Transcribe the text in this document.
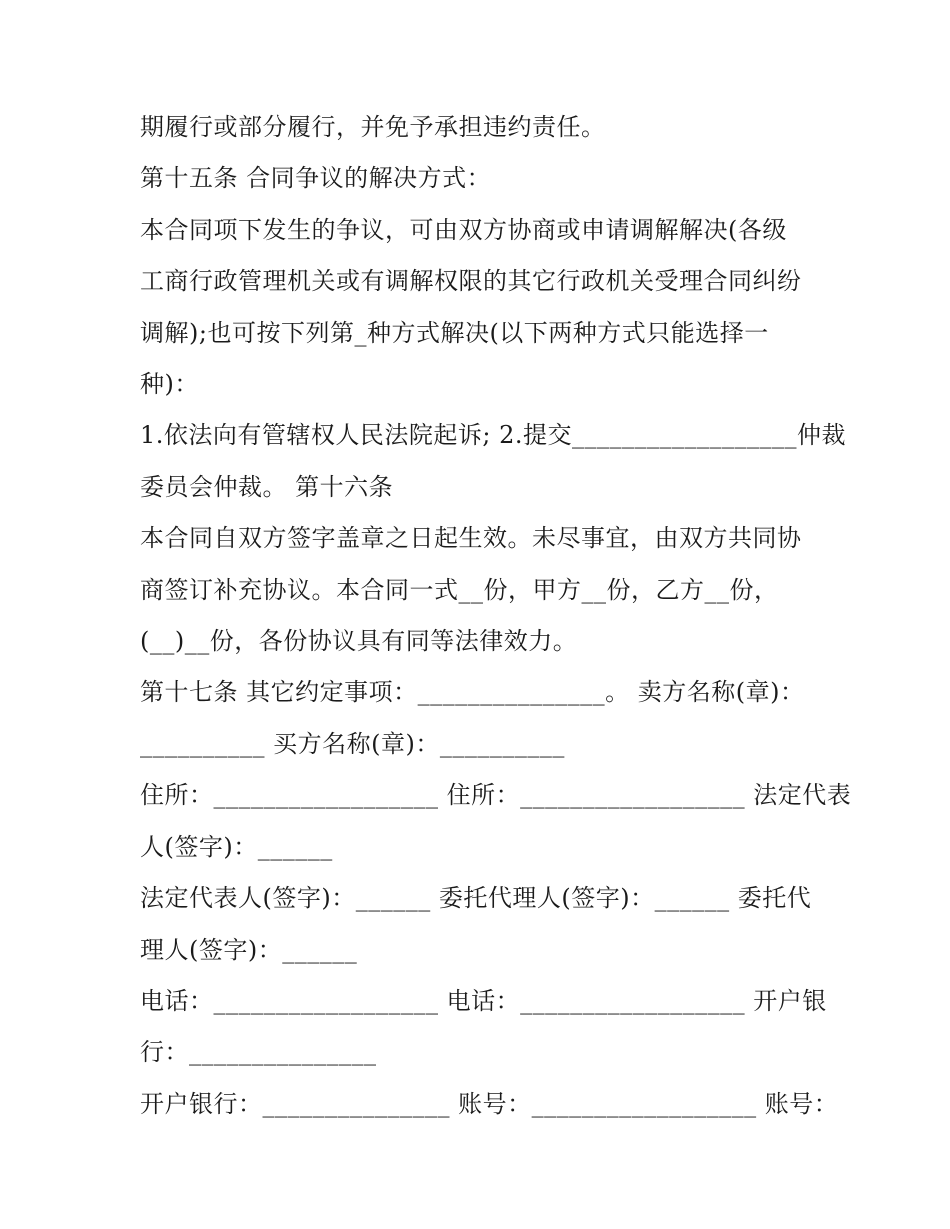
期履行或部分履行，并免予承担违约责任。

第十五条 合同争议的解决方式：

本合同项下发生的争议，可由双方协商或申请调解解决(各级

工商行政管理机关或有调解权限的其它行政机关受理合同纠纷

调解);也可按下列第_种方式解决(以下两种方式只能选择一

种)：

1.依法向有管辖权人民法院起诉; 2.提交__________________仲裁

委员会仲裁。 第十六条

本合同自双方签字盖章之日起生效。未尽事宜，由双方共同协

商签订补充协议。本合同一式__份，甲方__份，乙方__份，

(__)__份，各份协议具有同等法律效力。

第十七条 其它约定事项：_______________。 卖方名称(章)：

__________ 买方名称(章)：__________

住所：__________________ 住所：__________________ 法定代表

人(签字)：______

法定代表人(签字)：______ 委托代理人(签字)：______ 委托代

理人(签字)：______

电话：__________________ 电话：__________________ 开户银

行：_______________

开户银行：_______________ 账号：__________________ 账号：
